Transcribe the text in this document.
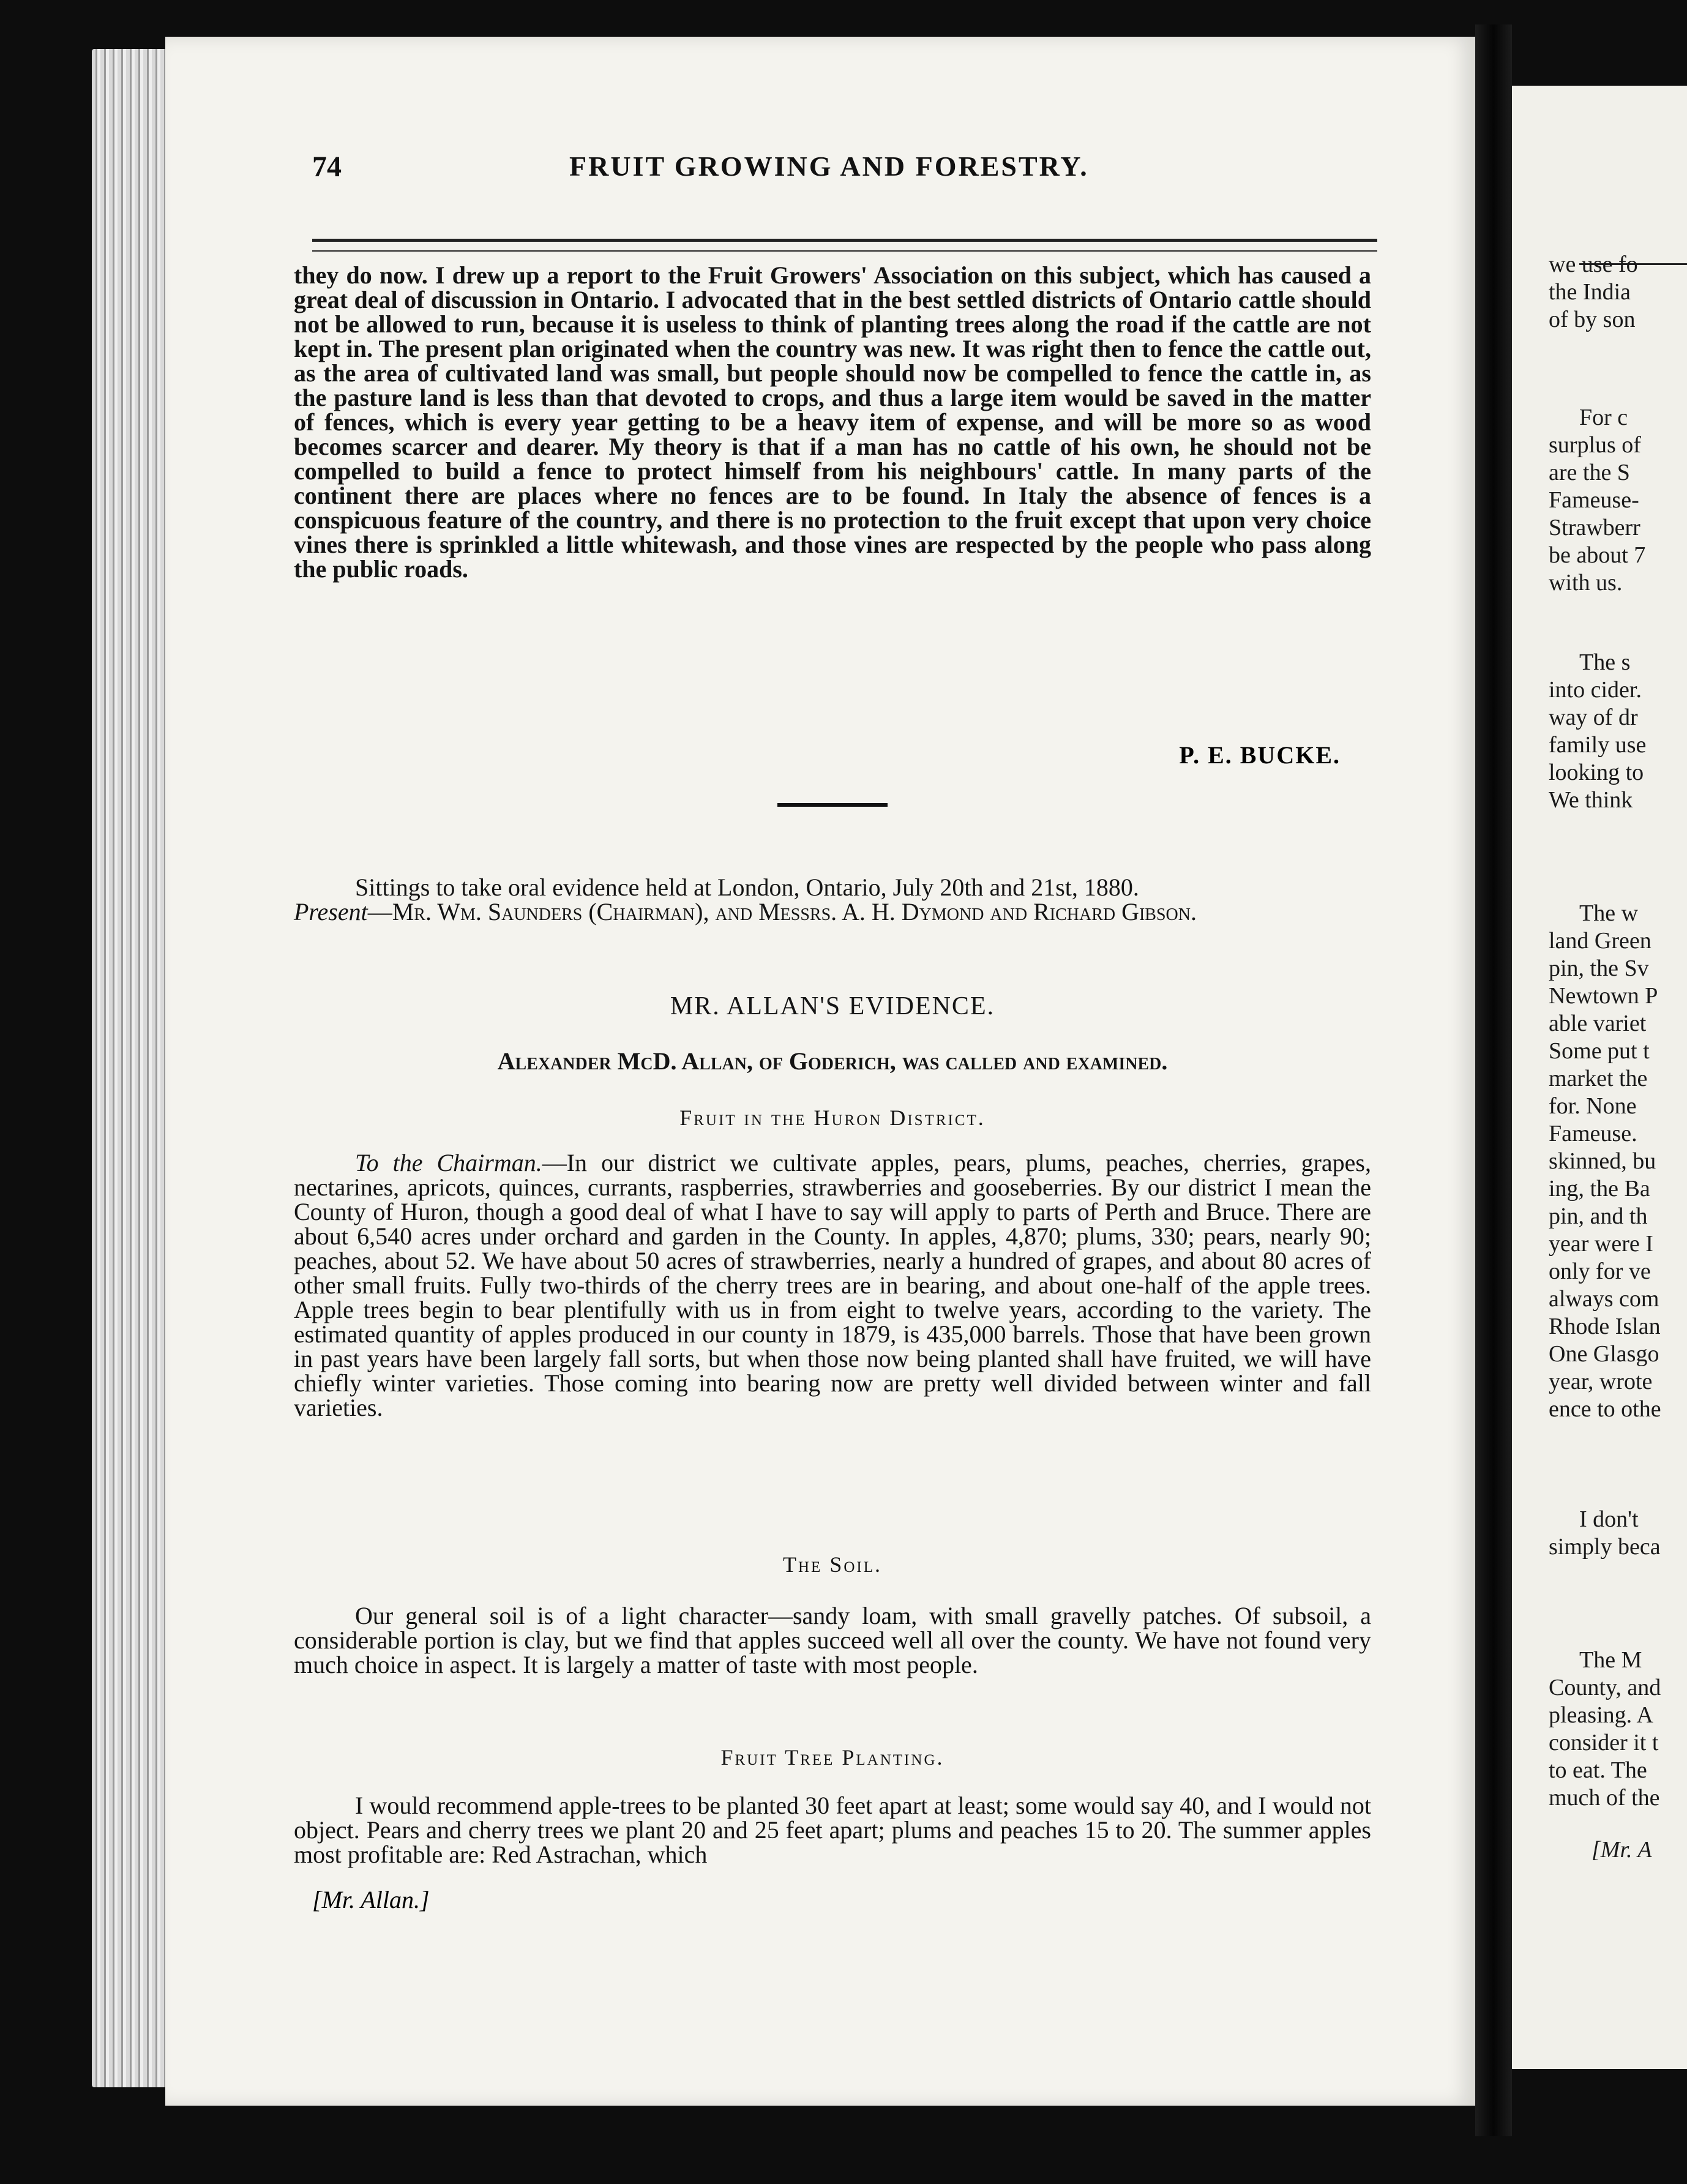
74	FRUIT GROWING AND FORESTRY.

they do now. I drew up a report to the Fruit Growers' Association on this subject, which has caused a great deal of discussion in Ontario. I advocated that in the best settled districts of Ontario cattle should not be allowed to run, because it is useless to think of planting trees along the road if the cattle are not kept in. The present plan originated when the country was new. It was right then to fence the cattle out, as the area of cultivated land was small, but people should now be compelled to fence the cattle in, as the pasture land is less than that devoted to crops, and thus a large item would be saved in the matter of fences, which is every year getting to be a heavy item of expense, and will be more so as wood becomes scarcer and dearer. My theory is that if a man has no cattle of his own, he should not be compelled to build a fence to protect himself from his neighbours' cattle. In many parts of the continent there are places where no fences are to be found. In Italy the absence of fences is a conspicuous feature of the country, and there is no protection to the fruit except that upon very choice vines there is sprinkled a little whitewash, and those vines are respected by the people who pass along the public roads.

P. E. BUCKE.

Sittings to take oral evidence held at London, Ontario, July 20th and 21st, 1880.

Present—Mr. Wm. Saunders (Chairman), and Messrs. A. H. Dymond and Richard Gibson.

MR. ALLAN'S EVIDENCE.
Alexander McD. Allan, of Goderich, was called and examined.
Fruit in the Huron District.

To the Chairman.—In our district we cultivate apples, pears, plums, peaches, cherries, grapes, nectarines, apricots, quinces, currants, raspberries, strawberries and gooseberries. By our district I mean the County of Huron, though a good deal of what I have to say will apply to parts of Perth and Bruce. There are about 6,540 acres under orchard and garden in the County. In apples, 4,870; plums, 330; pears, nearly 90; peaches, about 52. We have about 50 acres of strawberries, nearly a hundred of grapes, and about 80 acres of other small fruits. Fully two-thirds of the cherry trees are in bearing, and about one-half of the apple trees. Apple trees begin to bear plentifully with us in from eight to twelve years, according to the variety. The estimated quantity of apples produced in our county in 1879, is 435,000 barrels. Those that have been grown in past years have been largely fall sorts, but when those now being planted shall have fruited, we will have chiefly winter varieties. Those coming into bearing now are pretty well divided between winter and fall varieties.

The Soil.

Our general soil is of a light character—sandy loam, with small gravelly patches. Of subsoil, a considerable portion is clay, but we find that apples succeed well all over the county. We have not found very much choice in aspect. It is largely a matter of taste with most people.

Fruit Tree Planting.

I would recommend apple-trees to be planted 30 feet apart at least; some would say 40, and I would not object. Pears and cherry trees we plant 20 and 25 feet apart; plums and peaches 15 to 20. The summer apples most profitable are: Red Astrachan, which

[Mr. Allan.]
we use fo
the India
of by son
For c
surplus of
are the S
Fameuse-
Strawberr
be about 7
with us.
The s
into cider.
way of dr
family use
looking to
We think
The w
land Green
pin, the Sv
Newtown P
able variet
Some put t
market the
for. None
Fameuse.
skinned, bu
ing, the Ba
pin, and th
year were I
only for ve
always com
Rhode Islan
One Glasgo
year, wrote
ence to othe
I don't
simply beca
The M
County, and
pleasing. A
consider it t
to eat. The
much of the
[Mr. A
